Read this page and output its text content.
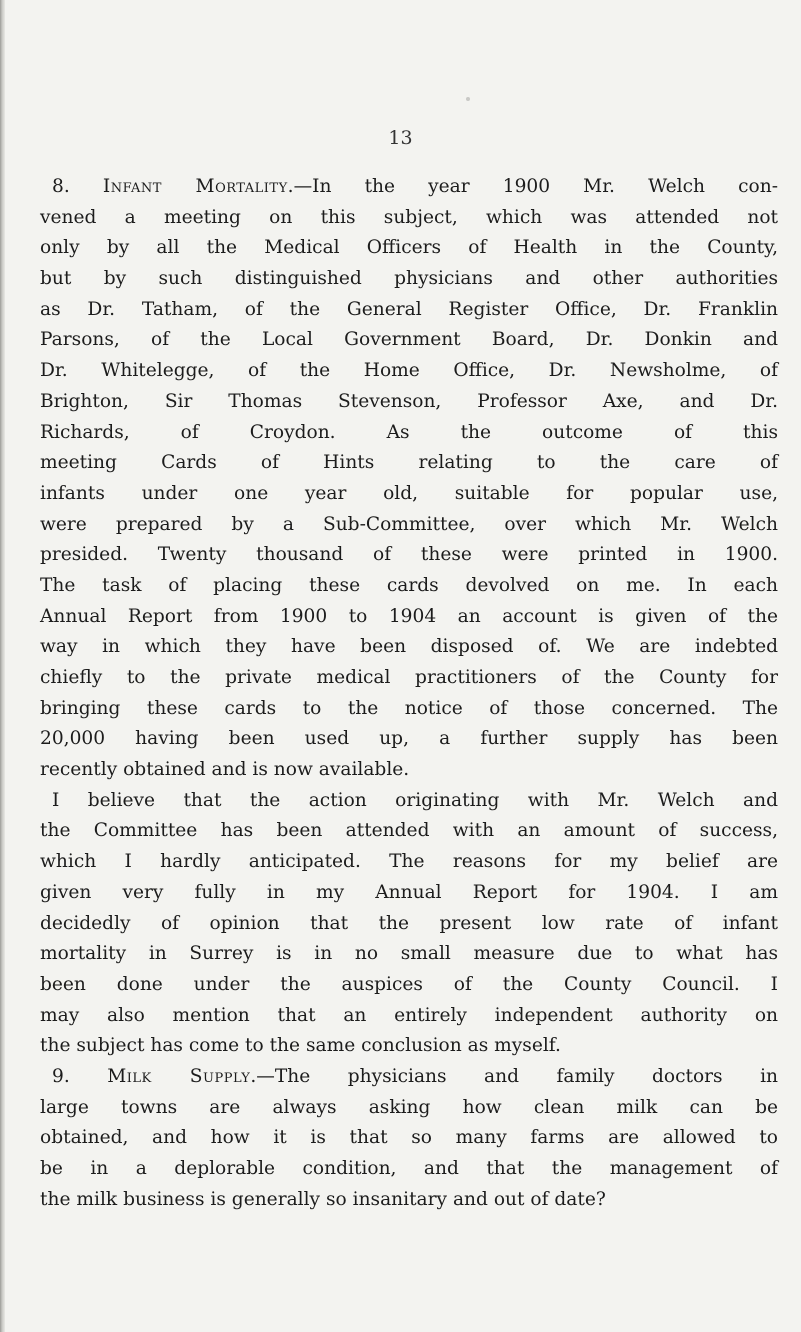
13
8. Infant Mortality.—In the year 1900 Mr. Welch con-
vened a meeting on this subject, which was attended not
only by all the Medical Officers of Health in the County,
but by such distinguished physicians and other authorities
as Dr. Tatham, of the General Register Office, Dr. Franklin
Parsons, of the Local Government Board, Dr. Donkin and
Dr. Whitelegge, of the Home Office, Dr. Newsholme, of
Brighton, Sir Thomas Stevenson, Professor Axe, and Dr.
Richards, of Croydon. As the outcome of this
meeting Cards of Hints relating to the care of
infants under one year old, suitable for popular use,
were prepared by a Sub-Committee, over which Mr. Welch
presided. Twenty thousand of these were printed in 1900.
The task of placing these cards devolved on me. In each
Annual Report from 1900 to 1904 an account is given of the
way in which they have been disposed of. We are indebted
chiefly to the private medical practitioners of the County for
bringing these cards to the notice of those concerned. The
20,000 having been used up, a further supply has been
recently obtained and is now available.
I believe that the action originating with Mr. Welch and
the Committee has been attended with an amount of success,
which I hardly anticipated. The reasons for my belief are
given very fully in my Annual Report for 1904. I am
decidedly of opinion that the present low rate of infant
mortality in Surrey is in no small measure due to what has
been done under the auspices of the County Council. I
may also mention that an entirely independent authority on
the subject has come to the same conclusion as myself.
9. Milk Supply.—The physicians and family doctors in
large towns are always asking how clean milk can be
obtained, and how it is that so many farms are allowed to
be in a deplorable condition, and that the management of
the milk business is generally so insanitary and out of date?
